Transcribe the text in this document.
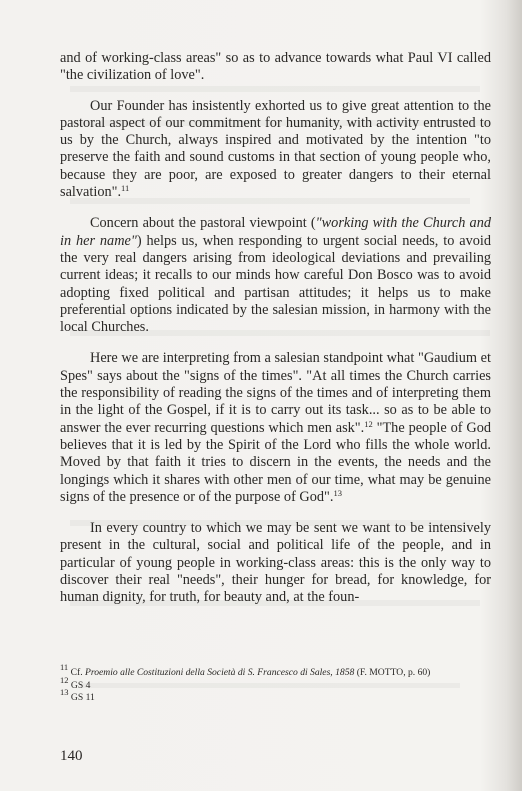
and of working-class areas" so as to advance towards what Paul VI called "the civilization of love".

Our Founder has insistently exhorted us to give great attention to the pastoral aspect of our commitment for humanity, with activity entrusted to us by the Church, always inspired and motivated by the intention "to preserve the faith and sound customs in that section of young people who, because they are poor, are exposed to greater dangers to their eternal salvation".$^{11}$

Concern about the pastoral viewpoint ("working with the Church and in her name") helps us, when responding to urgent social needs, to avoid the very real dangers arising from ideological deviations and prevailing current ideas; it recalls to our minds how careful Don Bosco was to avoid adopting fixed political and partisan attitudes; it helps us to make preferential options indicated by the salesian mission, in harmony with the local Churches.

Here we are interpreting from a salesian standpoint what "Gaudium et Spes" says about the "signs of the times". "At all times the Church carries the responsibility of reading the signs of the times and of interpreting them in the light of the Gospel, if it is to carry out its task... so as to be able to answer the ever recurring questions which men ask".$^{12}$ "The people of God believes that it is led by the Spirit of the Lord who fills the whole world. Moved by that faith it tries to discern in the events, the needs and the longings which it shares with other men of our time, what may be genuine signs of the presence or of the purpose of God".$^{13}$

In every country to which we may be sent we want to be intensively present in the cultural, social and political life of the people, and in particular of young people in working-class areas: this is the only way to discover their real "needs", their hunger for bread, for knowledge, for human dignity, for truth, for beauty and, at the foun-

$^{11}$ Cf. Proemio alle Costituzioni della Società di S. Francesco di Sales, 1858 (F. MOTTO, p. 60)
$^{12}$ GS 4
$^{13}$ GS 11
140
